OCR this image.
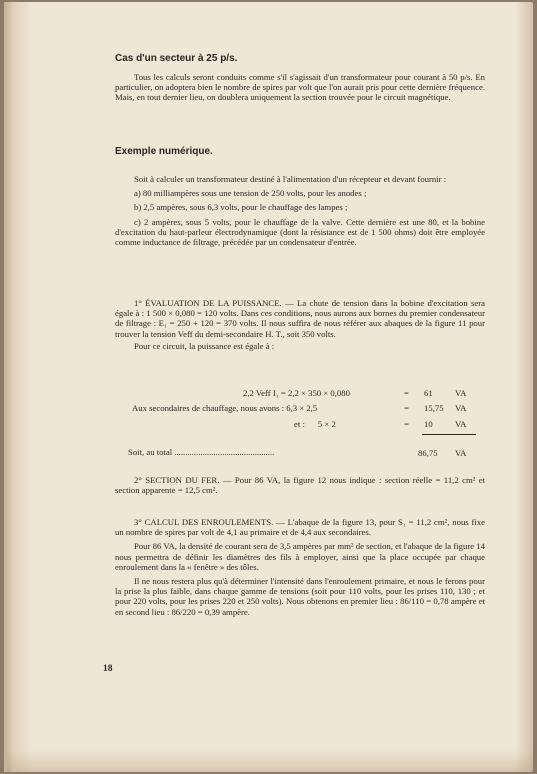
Cas d'un secteur à 25 p/s.

Tous les calculs seront conduits comme s'il s'agissait d'un transformateur pour courant à 50 p/s. En particulier, on adoptera bien le nombre de spires par volt que l'on aurait pris pour cette dernière fréquence. Mais, en tout dernier lieu, on doublera uniquement la section trouvée pour le circuit magnétique.

Exemple numérique.

Soit à calculer un transformateur destiné à l'alimentation d'un récepteur et devant fournir :

a) 80 milliampères sous une tension de 250 volts, pour les anodes ;

b) 2,5 ampères, sous 6,3 volts, pour le chauffage des lampes ;

c) 2 ampères, sous 5 volts, pour le chauffage de la valve. Cette dernière est une 80, et la bobine d'excitation du haut-parleur électrodynamique (dont la résistance est de 1 500 ohms) doit être employée comme inductance de filtrage, précédée par un condensateur d'entrée.

1° ÉVALUATION DE LA PUISSANCE. — La chute de tension dans la bobine d'excitation sera égale à : 1 500 × 0,080 = 120 volts. Dans ces conditions, nous aurons aux bornes du premier condensateur de filtrage : E₁ = 250 + 120 = 370 volts. Il nous suffira de nous référer aux abaques de la figure 11 pour trouver la tension Veff du demi-secondaire H. T., soit 350 volts.

Pour ce circuit, la puissance est égale à :

2,2 Veff I₁ = 2,2 × 350 × 0,080	= 61	VA
Aux secondaires de chauffage, nous avons : 6,3 × 2,5	= 15,75 VA
et :      5 × 2	= 10	VA
Soit, au total ..............................................	86,75 VA

2° SECTION DU FER. — Pour 86 VA, la figure 12 nous indique : section réelle = 11,2 cm² et section apparente = 12,5 cm².

3° CALCUL DES ENROULEMENTS. — L'abaque de la figure 13, pour S₁ = 11,2 cm², nous fixe un nombre de spires par volt de 4,1 au primaire et de 4,4 aux secondaires.

Pour 86 VA, la densité de courant sera de 3,5 ampères par mm² de section, et l'abaque de la figure 14 nous permettra de définir les diamètres des fils à employer, ainsi que la place occupée par chaque enroulement dans la « fenêtre » des tôles.

Il ne nous restera plus qu'à déterminer l'intensité dans l'enroulement primaire, et nous le ferons pour la prise la plus faible, dans chaque gamme de tensions (soit pour 110 volts, pour les prises 110, 130 ; et pour 220 volts, pour les prises 220 et 250 volts). Nous obtenons en premier lieu : 86/110 = 0,78 ampère et en second lieu : 86/220 = 0,39 ampère.

18
